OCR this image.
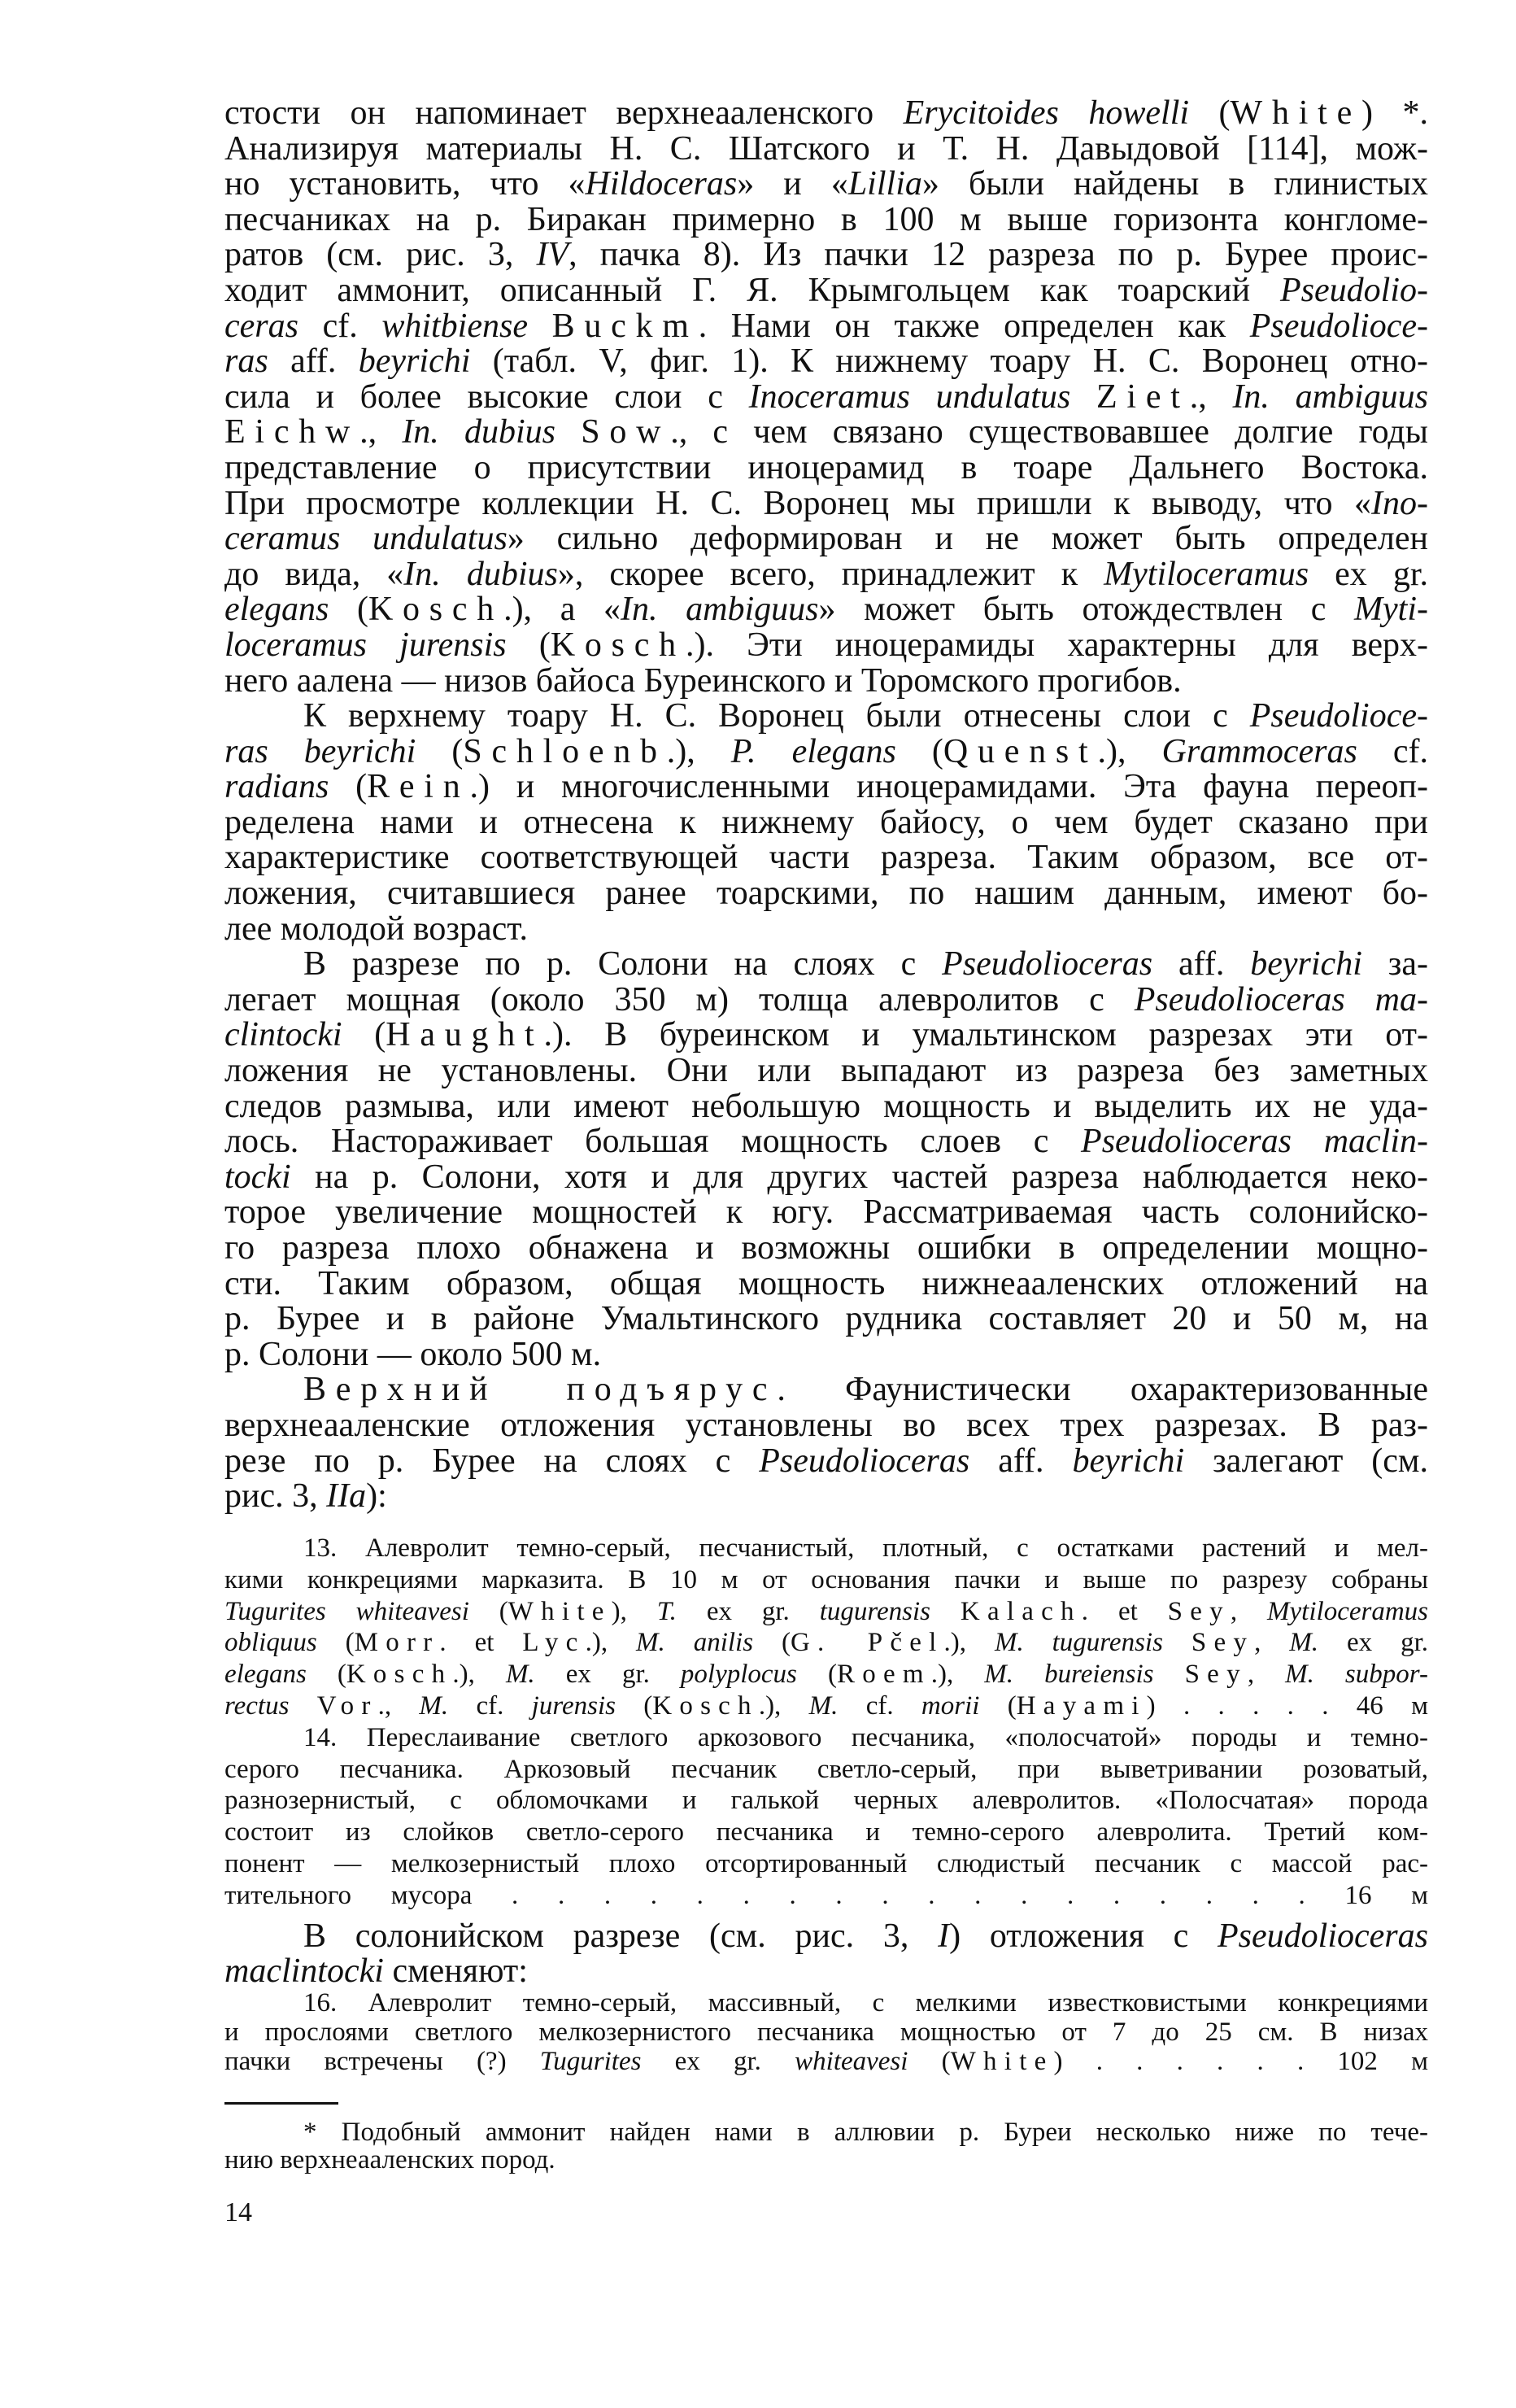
стости он напоминает верхнеааленского Erycitoides howelli (White) *.
Анализируя материалы Н. С. Шатского и Т. Н. Давыдовой [114], мож-
но установить, что «Hildoceras» и «Lillia» были найдены в глинистых
песчаниках на р. Биракан примерно в 100 м выше горизонта конгломе-
ратов (см. рис. 3, IV, пачка 8). Из пачки 12 разреза по р. Бурее проис-
ходит аммонит, описанный Г. Я. Крымгольцем как тоарский Pseudolio-
ceras cf. whitbiense Buckm. Нами он также определен как Pseudolioce-
ras aff. beyrichi (табл. V, фиг. 1). К нижнему тоару Н. С. Воронец отно-
сила и более высокие слои с Inoceramus undulatus Ziet., In. ambiguus
Eichw., In. dubius Sow., с чем связано существовавшее долгие годы
представление о присутствии иноцерамид в тоаре Дальнего Востока.
При просмотре коллекции Н. С. Воронец мы пришли к выводу, что «Ino-
ceramus undulatus» сильно деформирован и не может быть определен
до вида, «In. dubius», скорее всего, принадлежит к Mytiloceramus ex gr.
elegans (Kosch.), а «In. ambiguus» может быть отождествлен с Myti-
loceramus jurensis (Kosch.). Эти иноцерамиды характерны для верх-
него аалена — низов байоса Буреинского и Торомского прогибов.
К верхнему тоару Н. С. Воронец были отнесены слои с Pseudolioce-
ras beyrichi (Schloenb.), P. elegans (Quenst.), Grammoceras cf.
radians (Rein.) и многочисленными иноцерамидами. Эта фауна переоп-
ределена нами и отнесена к нижнему байосу, о чем будет сказано при
характеристике соответствующей части разреза. Таким образом, все от-
ложения, считавшиеся ранее тоарскими, по нашим данным, имеют бо-
лее молодой возраст.
В разрезе по р. Солони на слоях с Pseudolioceras aff. beyrichi за-
легает мощная (около 350 м) толща алевролитов с Pseudolioceras ma-
clintocki (Haught.). В буреинском и умальтинском разрезах эти от-
ложения не установлены. Они или выпадают из разреза без заметных
следов размыва, или имеют небольшую мощность и выделить их не уда-
лось. Настораживает большая мощность слоев с Pseudolioceras maclin-
tocki на р. Солони, хотя и для других частей разреза наблюдается неко-
торое увеличение мощностей к югу. Рассматриваемая часть солонийско-
го разреза плохо обнажена и возможны ошибки в определении мощно-
сти. Таким образом, общая мощность нижнеааленских отложений на
р. Бурее и в районе Умальтинского рудника составляет 20 и 50 м, на
р. Солони — около 500 м.
Верхний подъярус. Фаунистически охарактеризованные
верхнеааленские отложения установлены во всех трех разрезах. В раз-
резе по р. Бурее на слоях с Pseudolioceras aff. beyrichi залегают (см.
рис. 3, IIa):
13. Алевролит темно-серый, песчанистый, плотный, с остатками растений и мел-
кими конкрециями марказита. В 10 м от основания пачки и выше по разрезу собраны
Tugurites whiteavesi (White), T. ex gr. tugurensis Kalach. et Sey, Mytiloceramus
obliquus (Morr. et Lyc.), M. anilis (G. Pčel.), M. tugurensis Sey, M. ex gr.
elegans (Kosch.), M. ex gr. polyplocus (Roem.), M. bureiensis Sey, M. subpor-
rectus Vor., M. cf. jurensis (Kosch.), M. cf. morii (Hayami) . . . . . 46 м
14. Переслаивание светлого аркозового песчаника, «полосчатой» породы и темно-
серого песчаника. Аркозовый песчаник светло-серый, при выветривании розоватый,
разнозернистый, с обломочками и галькой черных алевролитов. «Полосчатая» порода
состоит из слойков светло-серого песчаника и темно-серого алевролита. Третий ком-
понент — мелкозернистый плохо отсортированный слюдистый песчаник с массой рас-
тительного мусора . . . . . . . . . . . . . . . . . . 16 м
В солонийском разрезе (см. рис. 3, I) отложения с Pseudolioceras
maclintocki сменяют:
16. Алевролит темно-серый, массивный, с мелкими известковистыми конкрециями
и прослоями светлого мелкозернистого песчаника мощностью от 7 до 25 см. В низах
пачки встречены (?) Tugurites ex gr. whiteavesi (White) . . . . . . 102 м
* Подобный аммонит найден нами в аллювии р. Буреи несколько ниже по тече-
нию верхнеааленских пород.
14
